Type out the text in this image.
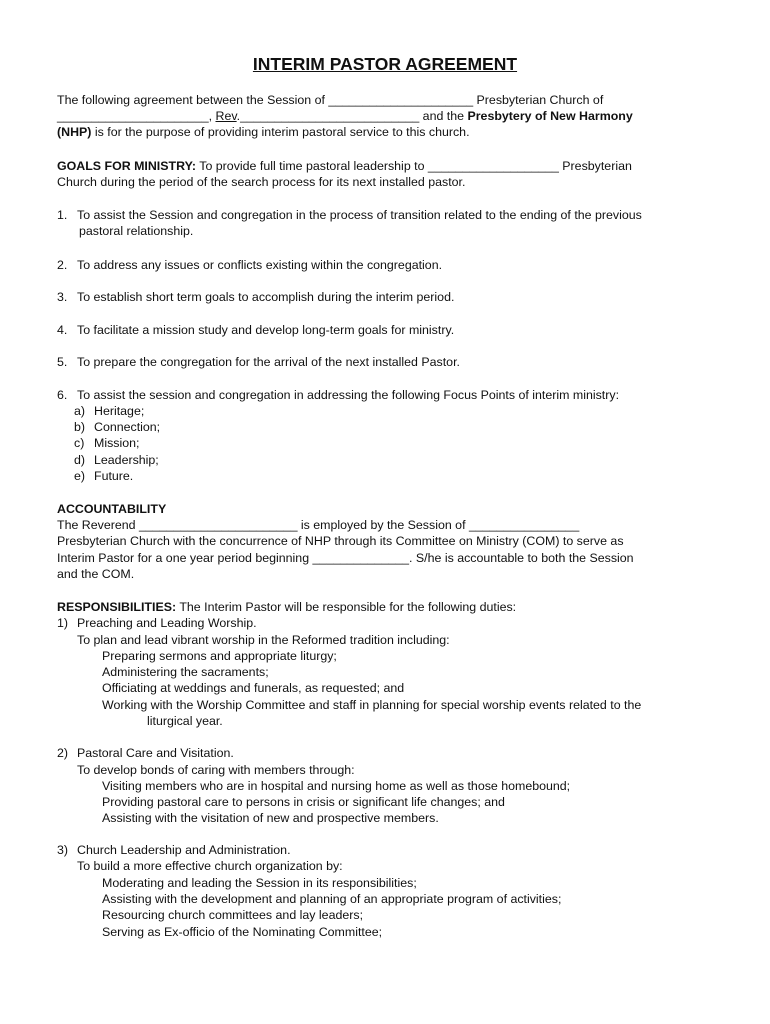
INTERIM PASTOR AGREEMENT

The following agreement between the Session of _____________________ Presbyterian Church of

______________________, Rev.__________________________ and the Presbytery of New Harmony

(NHP) is for the purpose of providing interim pastoral service to this church.

GOALS FOR MINISTRY: To provide full time pastoral leadership to ___________________ Presbyterian

Church during the period of the search process for its next installed pastor.

1. To assist the Session and congregation in the process of transition related to the ending of the previous

pastoral relationship.

2. To address any issues or conflicts existing within the congregation.

3. To establish short term goals to accomplish during the interim period.

4. To facilitate a mission study and develop long-term goals for ministry.

5. To prepare the congregation for the arrival of the next installed Pastor.

6. To assist the session and congregation in addressing the following Focus Points of interim ministry:

a) Heritage;

b) Connection;

c) Mission;

d) Leadership;

e) Future.

ACCOUNTABILITY

The Reverend _______________________ is employed by the Session of ________________

Presbyterian Church with the concurrence of NHP through its Committee on Ministry (COM) to serve as

Interim Pastor for a one year period beginning ______________. S/he is accountable to both the Session

and the COM.

RESPONSIBILITIES: The Interim Pastor will be responsible for the following duties:

1) Preaching and Leading Worship.

To plan and lead vibrant worship in the Reformed tradition including:

Preparing sermons and appropriate liturgy;

Administering the sacraments;

Officiating at weddings and funerals, as requested; and

Working with the Worship Committee and staff in planning for special worship events related to the

liturgical year.

2) Pastoral Care and Visitation.

To develop bonds of caring with members through:

Visiting members who are in hospital and nursing home as well as those homebound;

Providing pastoral care to persons in crisis or significant life changes; and

Assisting with the visitation of new and prospective members.

3) Church Leadership and Administration.

To build a more effective church organization by:

Moderating and leading the Session in its responsibilities;

Assisting with the development and planning of an appropriate program of activities;

Resourcing church committees and lay leaders;

Serving as Ex-officio of the Nominating Committee;
